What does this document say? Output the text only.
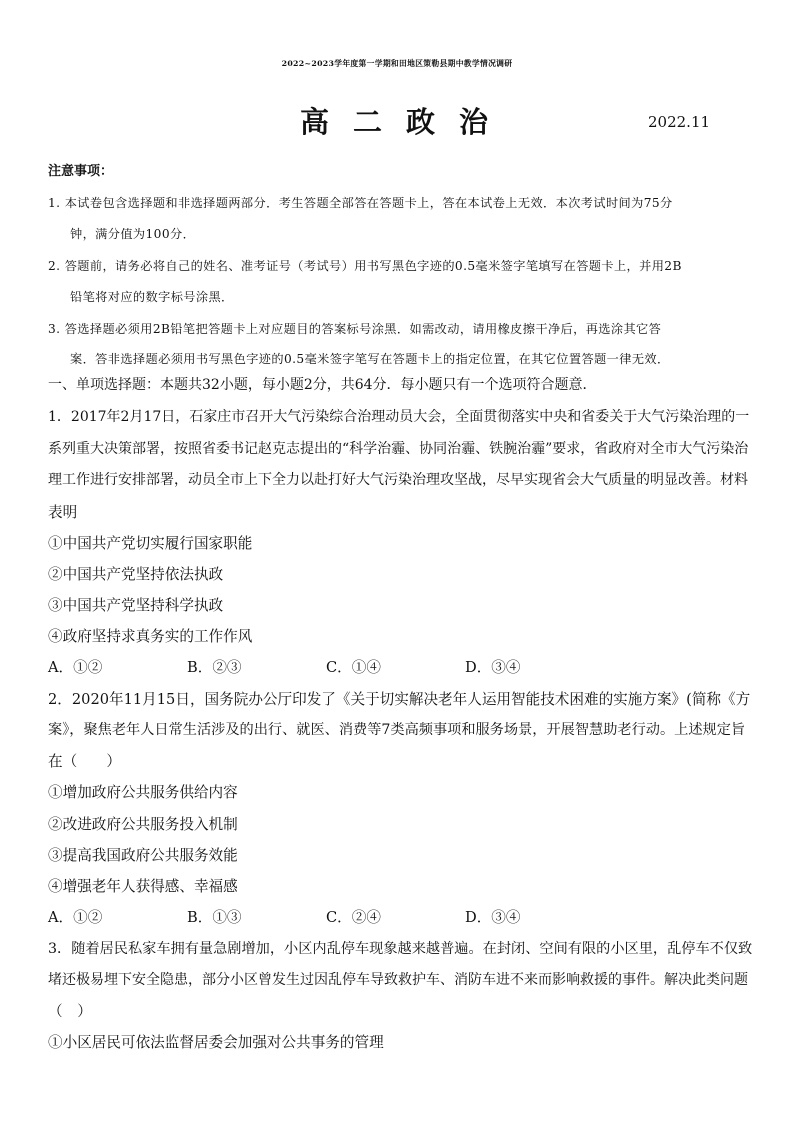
2022~2023学年度第一学期和田地区策勒县期中教学情况调研
高二政治	2022.11
注意事项：
1. 本试卷包含选择题和非选择题两部分．考生答题全部答在答题卡上，答在本试卷上无效．本次考试时间为75分
钟，满分值为100分．
2. 答题前，请务必将自己的姓名、准考证号（考试号）用书写黑色字迹的0.5毫米签字笔填写在答题卡上，并用2B
铅笔将对应的数字标号涂黑．
3. 答选择题必须用2B铅笔把答题卡上对应题目的答案标号涂黑．如需改动，请用橡皮擦干净后，再选涂其它答
案．答非选择题必须用书写黑色字迹的0.5毫米签字笔写在答题卡上的指定位置，在其它位置答题一律无效．
一、单项选择题：本题共32小题，每小题2分，共64分．每小题只有一个选项符合题意．
1．2017年2月17日，石家庄市召开大气污染综合治理动员大会，全面贯彻落实中央和省委关于大气污染治理的一
系列重大决策部署，按照省委书记赵克志提出的“科学治霾、协同治霾、铁腕治霾”要求，省政府对全市大气污染治
理工作进行安排部署，动员全市上下全力以赴打好大气污染治理攻坚战，尽早实现省会大气质量的明显改善。材料
表明
①中国共产党切实履行国家职能
②中国共产党坚持依法执政
③中国共产党坚持科学执政
④政府坚持求真务实的工作作风
A．①②	B．②③	C．①④	D．③④
2．2020年11月15日，国务院办公厅印发了《关于切实解决老年人运用智能技术困难的实施方案》(简称《方
案》，聚焦老年人日常生活涉及的出行、就医、消费等7类高频事项和服务场景，开展智慧助老行动。上述规定旨
在（　　）
①增加政府公共服务供给内容
②改进政府公共服务投入机制
③提高我国政府公共服务效能
④增强老年人获得感、幸福感
A．①②	B．①③	C．②④	D．③④
3．随着居民私家车拥有量急剧增加，小区内乱停车现象越来越普遍。在封闭、空间有限的小区里，乱停车不仅致
堵还极易埋下安全隐患，部分小区曾发生过因乱停车导致救护车、消防车进不来而影响救援的事件。解决此类问题
（　）
①小区居民可依法监督居委会加强对公共事务的管理
